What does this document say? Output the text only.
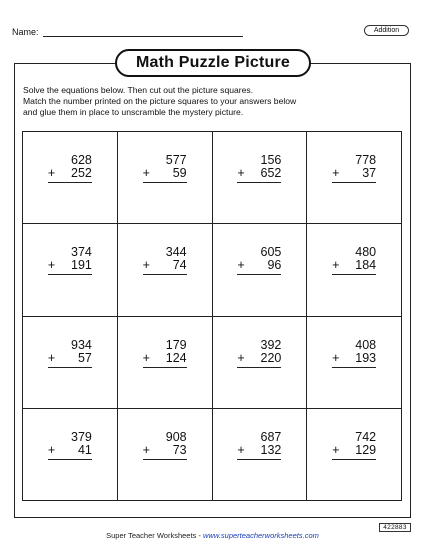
Name:	Addition
Math Puzzle Picture

Solve the equations below. Then cut out the picture squares.

Match the number printed on the picture squares to your answers below

and glue them in place to unscramble the mystery picture.

628
+ 252
577
+ 59
156
+ 652
778
+ 37
374
+ 191
344
+ 74
605
+ 96
480
+ 184
934
+ 57
179
+ 124
392
+ 220
408
+ 193
379
+ 41
908
+ 73
687
+ 132
742
+ 129
Super Teacher Worksheets - www.superteacherworksheets.com
422883
